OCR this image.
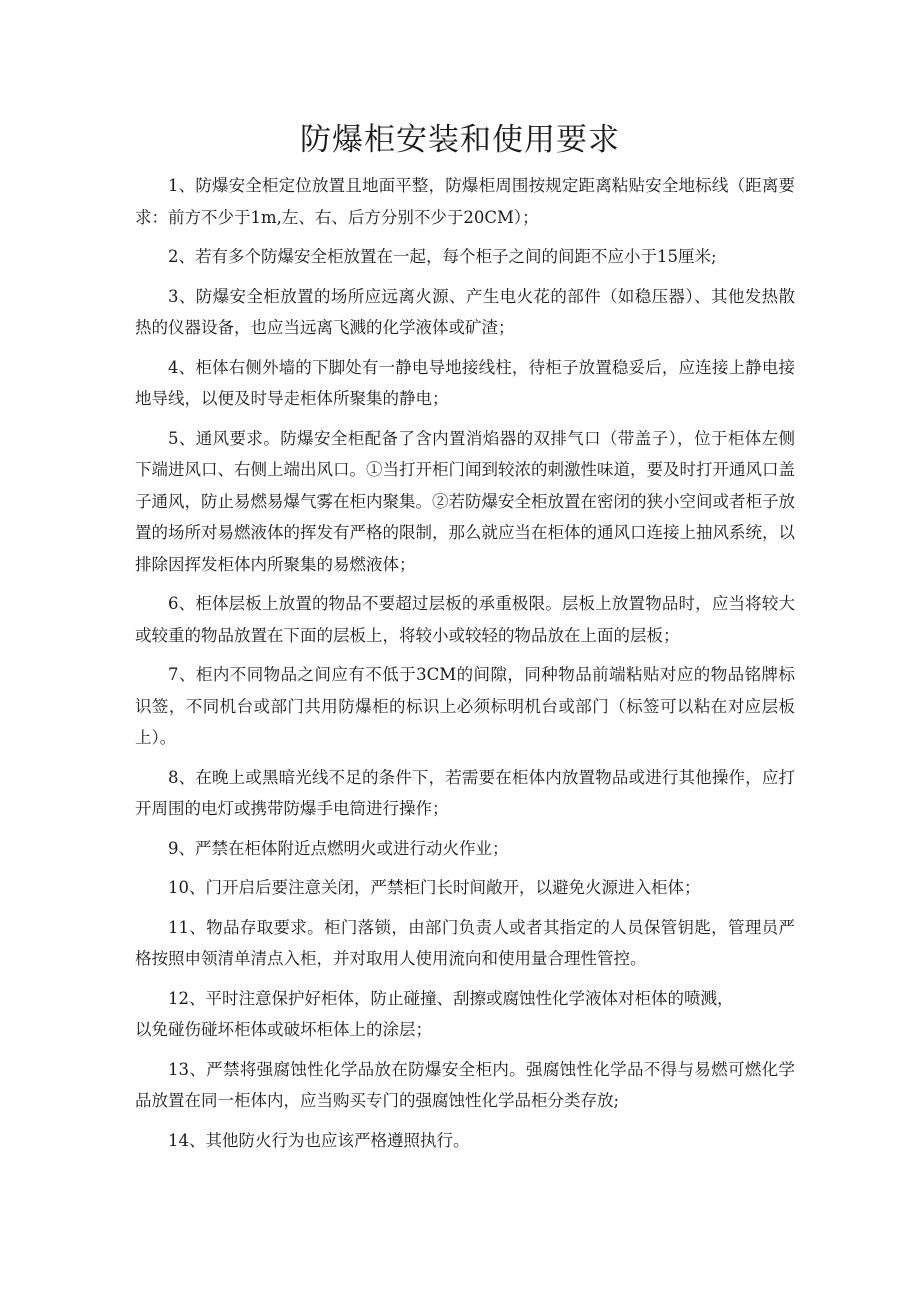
防爆柜安装和使用要求

1、防爆安全柜定位放置且地面平整，防爆柜周围按规定距离粘贴安全地标线（距离要求：前方不少于1m,左、右、后方分别不少于20CM）；

2、若有多个防爆安全柜放置在一起，每个柜子之间的间距不应小于15厘米;

3、防爆安全柜放置的场所应远离火源、产生电火花的部件（如稳压器）、其他发热散热的仪器设备，也应当远离飞溅的化学液体或矿渣；

4、柜体右侧外墙的下脚处有一静电导地接线柱，待柜子放置稳妥后，应连接上静电接地导线，以便及时导走柜体所聚集的静电；

5、通风要求。防爆安全柜配备了含内置消焰器的双排气口（带盖子），位于柜体左侧下端进风口、右侧上端出风口。①当打开柜门闻到较浓的刺激性味道，要及时打开通风口盖子通风，防止易燃易爆气雾在柜内聚集。②若防爆安全柜放置在密闭的狭小空间或者柜子放置的场所对易燃液体的挥发有严格的限制，那么就应当在柜体的通风口连接上抽风系统，以排除因挥发柜体内所聚集的易燃液体；

6、柜体层板上放置的物品不要超过层板的承重极限。层板上放置物品时，应当将较大或较重的物品放置在下面的层板上，将较小或较轻的物品放在上面的层板；

7、柜内不同物品之间应有不低于3CM的间隙，同种物品前端粘贴对应的物品铭牌标识签，不同机台或部门共用防爆柜的标识上必须标明机台或部门（标签可以粘在对应层板上）。

8、在晚上或黑暗光线不足的条件下，若需要在柜体内放置物品或进行其他操作，应打开周围的电灯或携带防爆手电筒进行操作；

9、严禁在柜体附近点燃明火或进行动火作业；

10、门开启后要注意关闭，严禁柜门长时间敞开，以避免火源进入柜体；

11、物品存取要求。柜门落锁，由部门负责人或者其指定的人员保管钥匙，管理员严格按照申领清单清点入柜，并对取用人使用流向和使用量合理性管控。

12、平时注意保护好柜体，防止碰撞、刮擦或腐蚀性化学液体对柜体的喷溅，

以免碰伤碰坏柜体或破坏柜体上的涂层；

13、严禁将强腐蚀性化学品放在防爆安全柜内。强腐蚀性化学品不得与易燃可燃化学品放置在同一柜体内，应当购买专门的强腐蚀性化学品柜分类存放;

14、其他防火行为也应该严格遵照执行。
